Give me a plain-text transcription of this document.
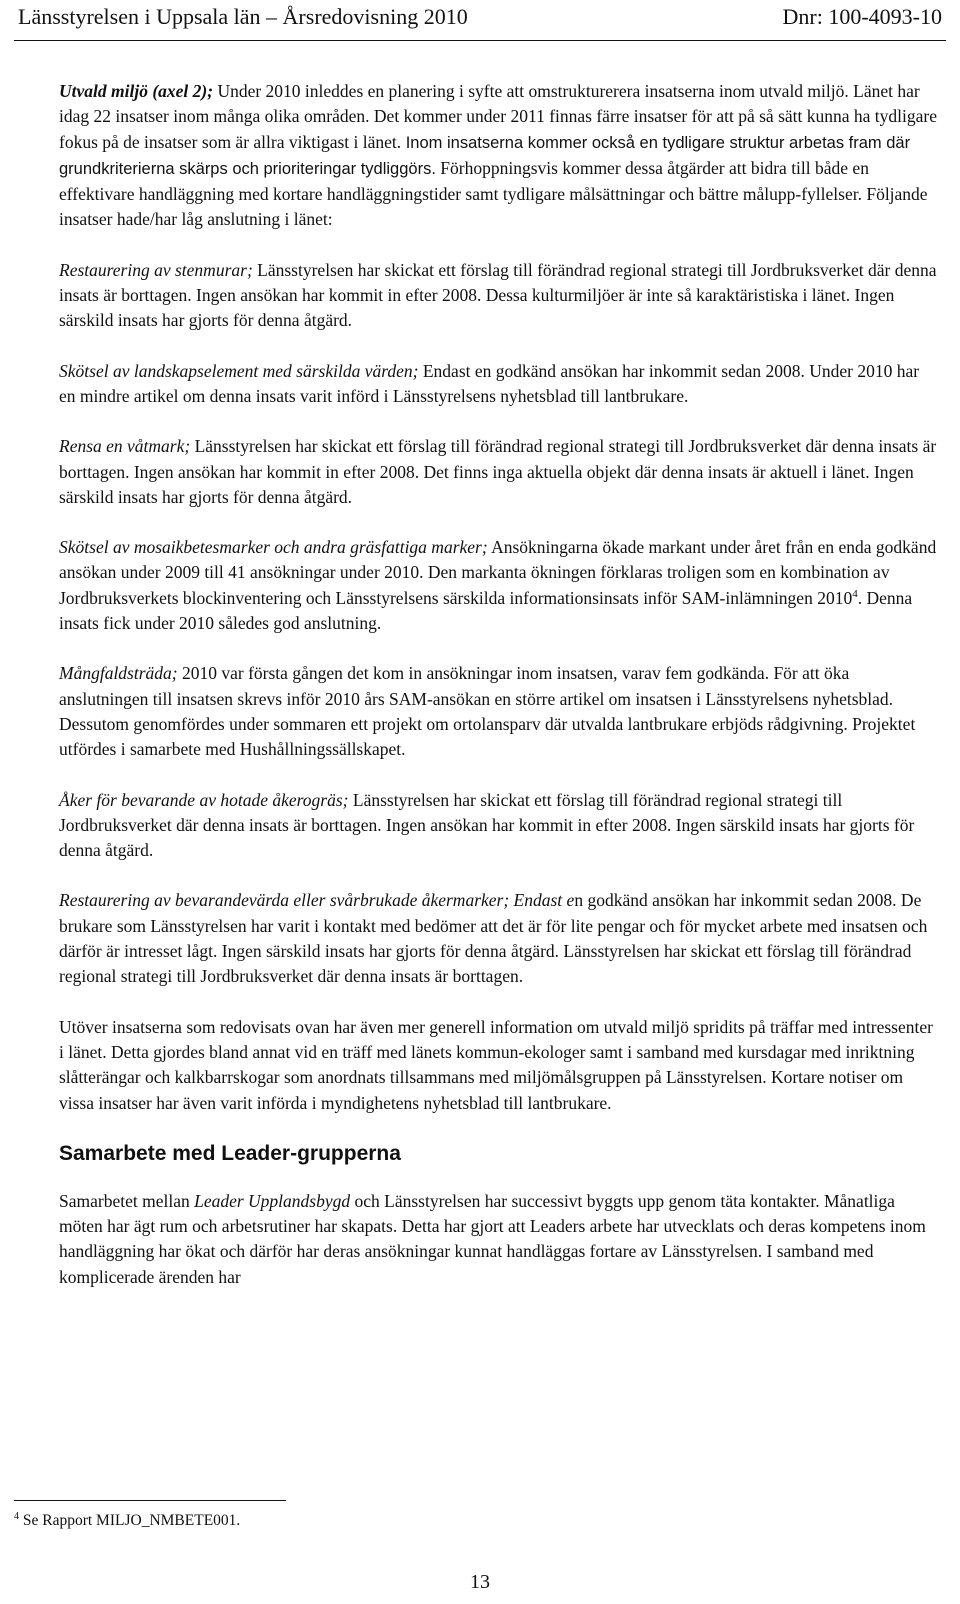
Länsstyrelsen i Uppsala län – Årsredovisning 2010	Dnr: 100-4093-10

Utvald miljö (axel 2); Under 2010 inleddes en planering i syfte att omstrukturerera insatserna inom utvald miljö. Länet har idag 22 insatser inom många olika områden. Det kommer under 2011 finnas färre insatser för att på så sätt kunna ha tydligare fokus på de insatser som är allra viktigast i länet. Inom insatserna kommer också en tydligare struktur arbetas fram där grundkriterierna skärps och prioriteringar tydliggörs. Förhoppningsvis kommer dessa åtgärder att bidra till både en effektivare handläggning med kortare handläggningstider samt tydligare målsättningar och bättre målupp-fyllelser. Följande insatser hade/har låg anslutning i länet:

Restaurering av stenmurar; Länsstyrelsen har skickat ett förslag till förändrad regional strategi till Jordbruksverket där denna insats är borttagen. Ingen ansökan har kommit in efter 2008. Dessa kulturmiljöer är inte så karaktäristiska i länet. Ingen särskild insats har gjorts för denna åtgärd.

Skötsel av landskapselement med särskilda värden; Endast en godkänd ansökan har inkommit sedan 2008. Under 2010 har en mindre artikel om denna insats varit införd i Länsstyrelsens nyhetsblad till lantbrukare.

Rensa en våtmark; Länsstyrelsen har skickat ett förslag till förändrad regional strategi till Jordbruksverket där denna insats är borttagen. Ingen ansökan har kommit in efter 2008. Det finns inga aktuella objekt där denna insats är aktuell i länet. Ingen särskild insats har gjorts för denna åtgärd.

Skötsel av mosaikbetesmarker och andra gräsfattiga marker; Ansökningarna ökade markant under året från en enda godkänd ansökan under 2009 till 41 ansökningar under 2010. Den markanta ökningen förklaras troligen som en kombination av Jordbruksverkets blockinventering och Länsstyrelsens särskilda informationsinsats inför SAM-inlämningen 2010$^4$. Denna insats fick under 2010 således god anslutning.

Mångfaldsträda; 2010 var första gången det kom in ansökningar inom insatsen, varav fem godkända. För att öka anslutningen till insatsen skrevs inför 2010 års SAM-ansökan en större artikel om insatsen i Länsstyrelsens nyhetsblad. Dessutom genomfördes under sommaren ett projekt om ortolansparv där utvalda lantbrukare erbjöds rådgivning. Projektet utfördes i samarbete med Hushållningssällskapet.

Åker för bevarande av hotade åkerogräs; Länsstyrelsen har skickat ett förslag till förändrad regional strategi till Jordbruksverket där denna insats är borttagen. Ingen ansökan har kommit in efter 2008. Ingen särskild insats har gjorts för denna åtgärd.

Restaurering av bevarandevärda eller svårbrukade åkermarker; Endast en godkänd ansökan har inkommit sedan 2008. De brukare som Länsstyrelsen har varit i kontakt med bedömer att det är för lite pengar och för mycket arbete med insatsen och därför är intresset lågt. Ingen särskild insats har gjorts för denna åtgärd. Länsstyrelsen har skickat ett förslag till förändrad regional strategi till Jordbruksverket där denna insats är borttagen.

Utöver insatserna som redovisats ovan har även mer generell information om utvald miljö spridits på träffar med intressenter i länet. Detta gjordes bland annat vid en träff med länets kommun-ekologer samt i samband med kursdagar med inriktning slåtterängar och kalkbarrskogar som anordnats tillsammans med miljömålsgruppen på Länsstyrelsen. Kortare notiser om vissa insatser har även varit införda i myndighetens nyhetsblad till lantbrukare.

Samarbete med Leader-grupperna

Samarbetet mellan Leader Upplandsbygd och Länsstyrelsen har successivt byggts upp genom täta kontakter. Månatliga möten har ägt rum och arbetsrutiner har skapats. Detta har gjort att Leaders arbete har utvecklats och deras kompetens inom handläggning har ökat och därför har deras ansökningar kunnat handläggas fortare av Länsstyrelsen. I samband med komplicerade ärenden har

$^4$ Se Rapport MILJO_NMBETE001.
13
